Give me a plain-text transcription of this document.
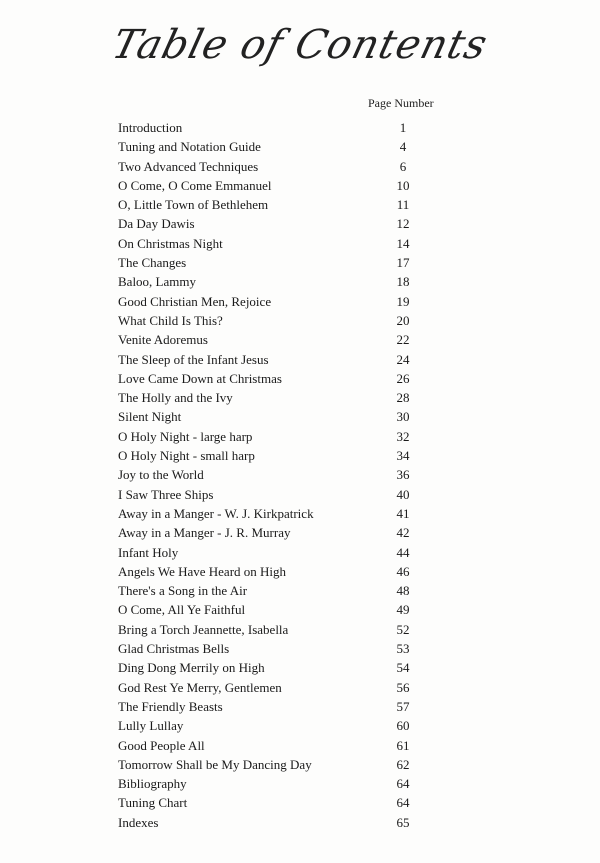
Table of Contents
Page Number
Introduction	1
Tuning and Notation Guide	4
Two Advanced Techniques	6
O Come, O Come Emmanuel	10
O, Little Town of Bethlehem	11
Da Day Dawis	12
On Christmas Night	14
The Changes	17
Baloo, Lammy	18
Good Christian Men, Rejoice	19
What Child Is This?	20
Venite Adoremus	22
The Sleep of the Infant Jesus	24
Love Came Down at Christmas	26
The Holly and the Ivy	28
Silent Night	30
O Holy Night - large harp	32
O Holy Night - small harp	34
Joy to the World	36
I Saw Three Ships	40
Away in a Manger - W. J. Kirkpatrick	41
Away in a Manger - J. R. Murray	42
Infant Holy	44
Angels We Have Heard on High	46
There's a Song in the Air	48
O Come, All Ye Faithful	49
Bring a Torch Jeannette, Isabella	52
Glad Christmas Bells	53
Ding Dong Merrily on High	54
God Rest Ye Merry, Gentlemen	56
The Friendly Beasts	57
Lully Lullay	60
Good People All	61
Tomorrow Shall be My Dancing Day	62
Bibliography	64
Tuning Chart	64
Indexes	65
